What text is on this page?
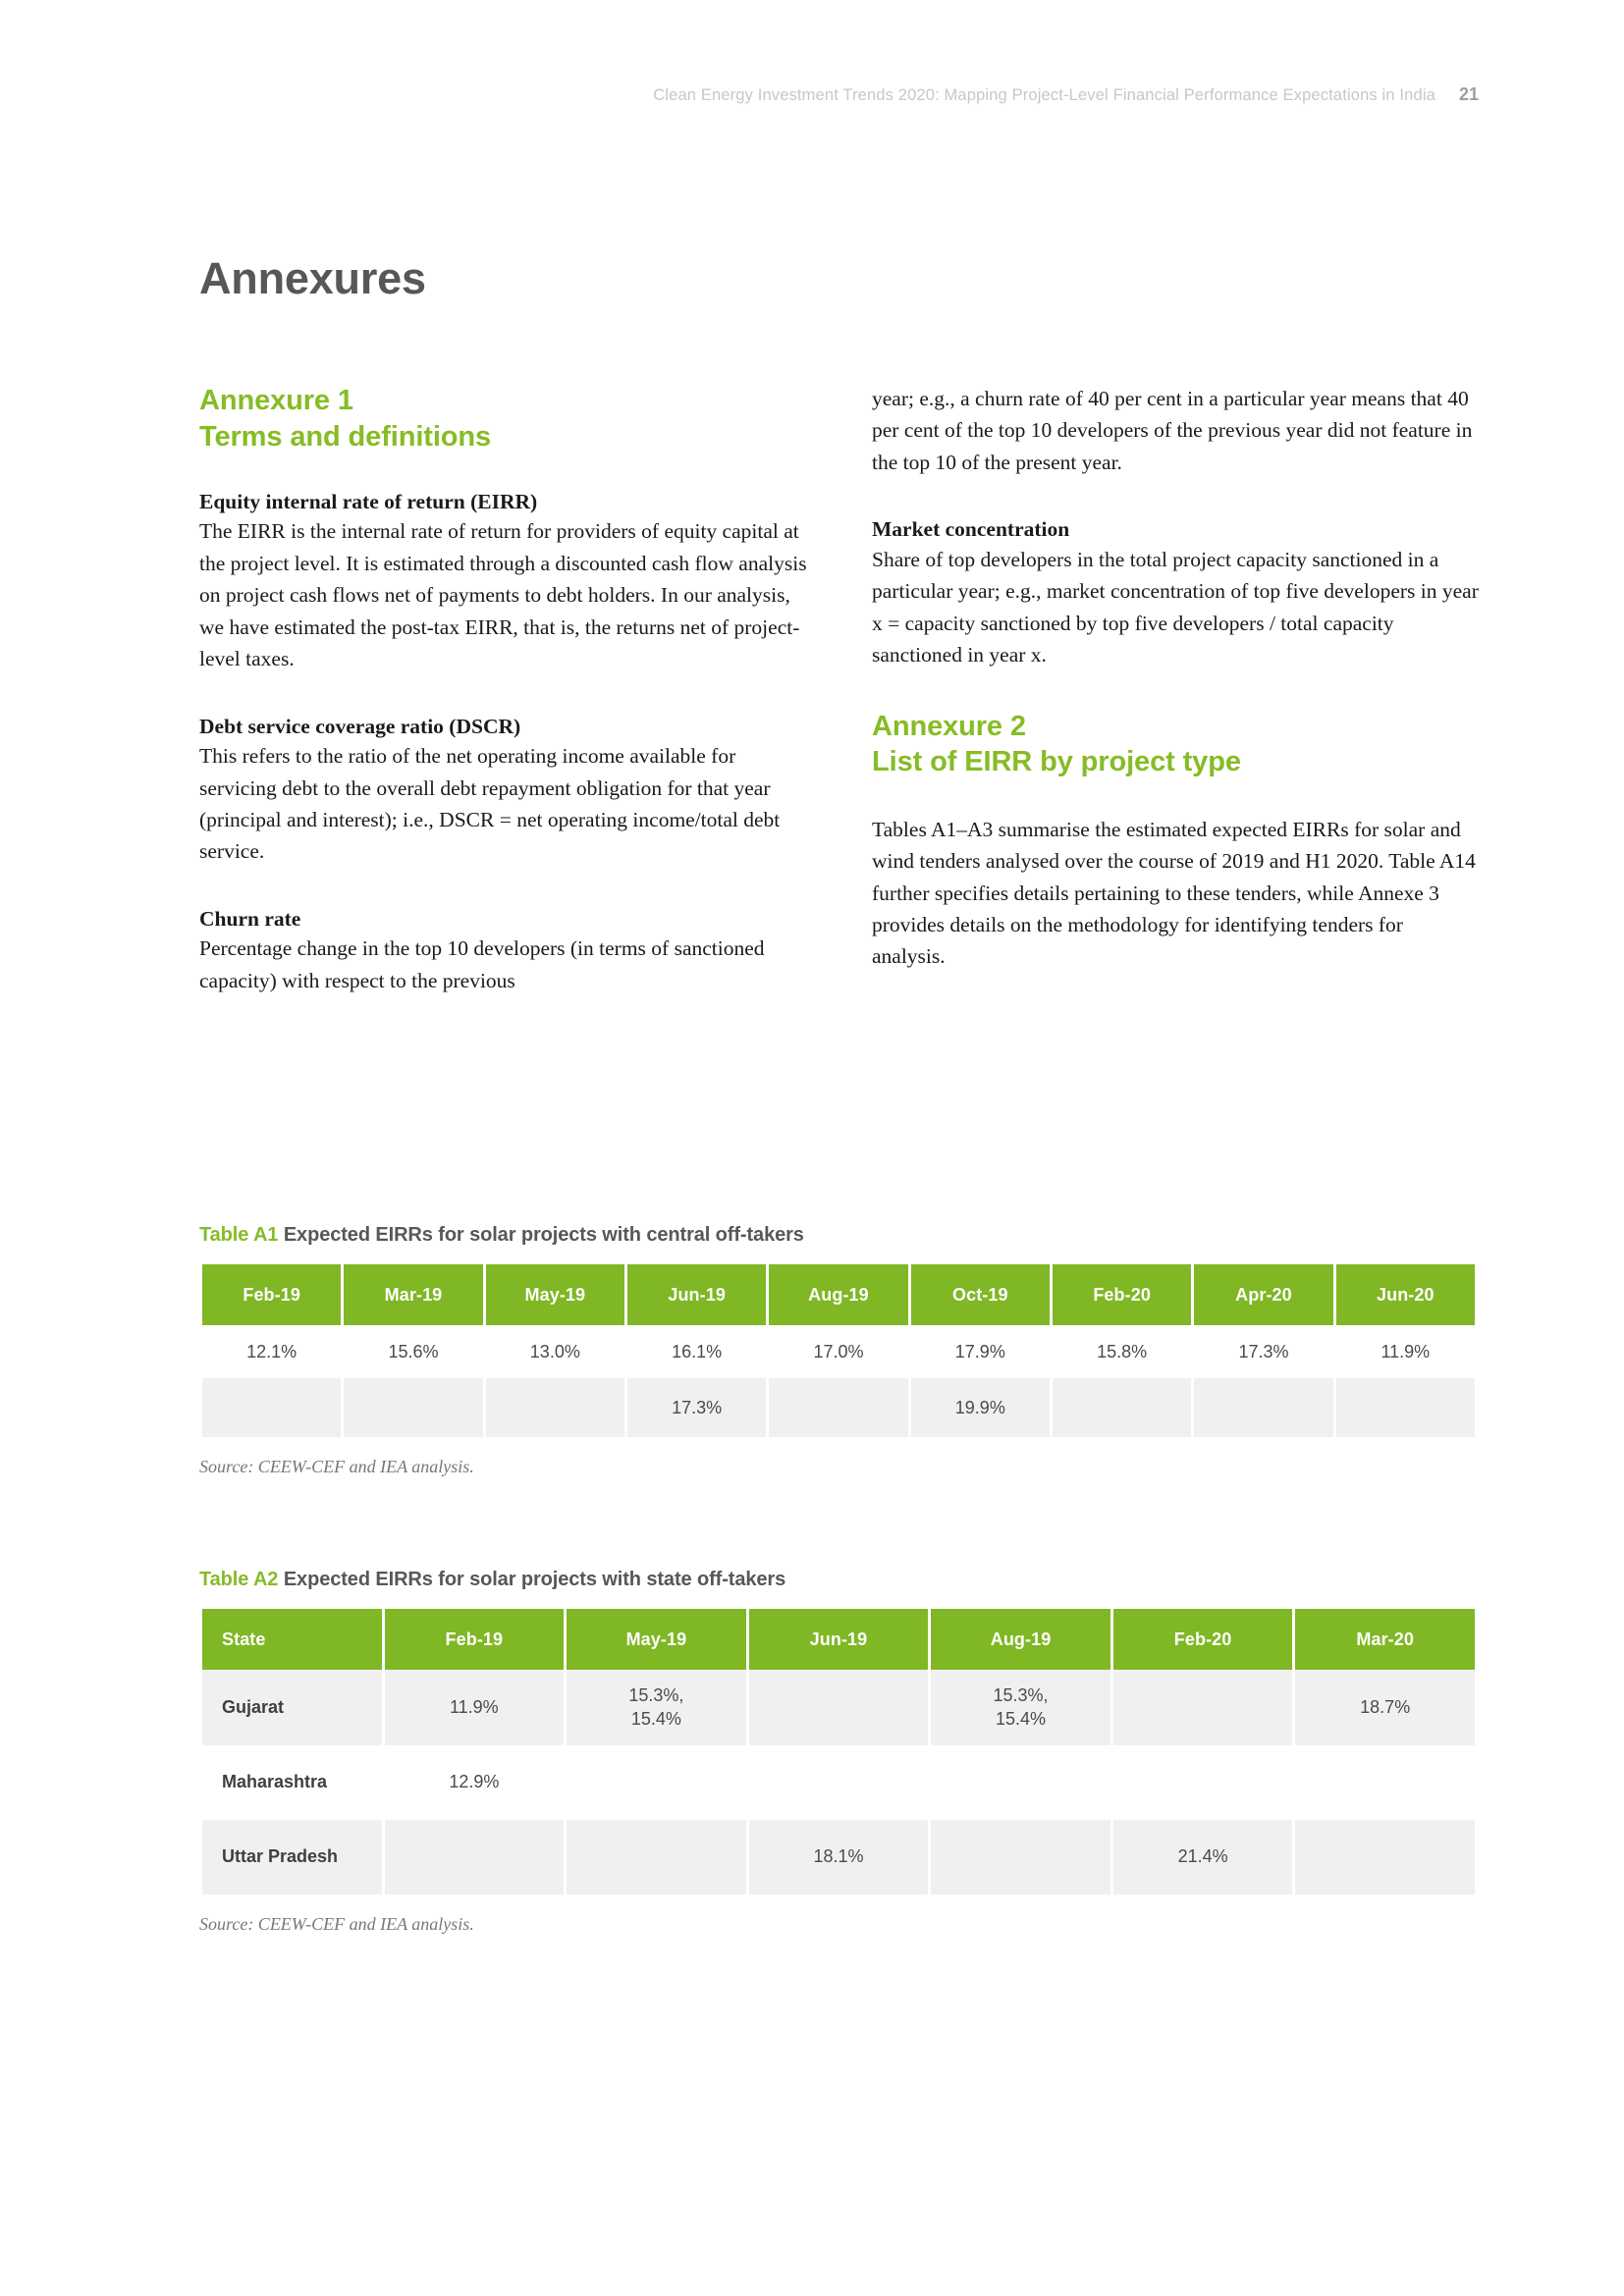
Clean Energy Investment Trends 2020: Mapping Project-Level Financial Performance Expectations in India 21
Annexures
Annexure 1
Terms and definitions

Equity internal rate of return (EIRR)

The EIRR is the internal rate of return for providers of equity capital at the project level. It is estimated through a discounted cash flow analysis on project cash flows net of payments to debt holders. In our analysis, we have estimated the post-tax EIRR, that is, the returns net of project-level taxes.

Debt service coverage ratio (DSCR)

This refers to the ratio of the net operating income available for servicing debt to the overall debt repayment obligation for that year (principal and interest); i.e., DSCR = net operating income/total debt service.

Churn rate

Percentage change in the top 10 developers (in terms of sanctioned capacity) with respect to the previous

year; e.g., a churn rate of 40 per cent in a particular year means that 40 per cent of the top 10 developers of the previous year did not feature in the top 10 of the present year.

Market concentration

Share of top developers in the total project capacity sanctioned in a particular year; e.g., market concentration of top five developers in year x = capacity sanctioned by top five developers / total capacity sanctioned in year x.

Annexure 2
List of EIRR by project type

Tables A1–A3 summarise the estimated expected EIRRs for solar and wind tenders analysed over the course of 2019 and H1 2020. Table A14 further specifies details pertaining to these tenders, while Annexe 3 provides details on the methodology for identifying tenders for analysis.

Table A1 Expected EIRRs for solar projects with central off-takers
Feb-19	Mar-19	May-19	Jun-19	Aug-19	Oct-19	Feb-20	Apr-20	Jun-20
12.1%	15.6%	13.0%	16.1%	17.0%	17.9%	15.8%	17.3%	11.9%
			17.3%		19.9%			
Source: CEEW-CEF and IEA analysis.
Table A2 Expected EIRRs for solar projects with state off-takers
State	Feb-19	May-19	Jun-19	Aug-19	Feb-20	Mar-20
Gujarat	11.9%	15.3%,
15.4%		15.3%,
15.4%		18.7%
Maharashtra	12.9%					
Uttar Pradesh			18.1%		21.4%	
Source: CEEW-CEF and IEA analysis.
